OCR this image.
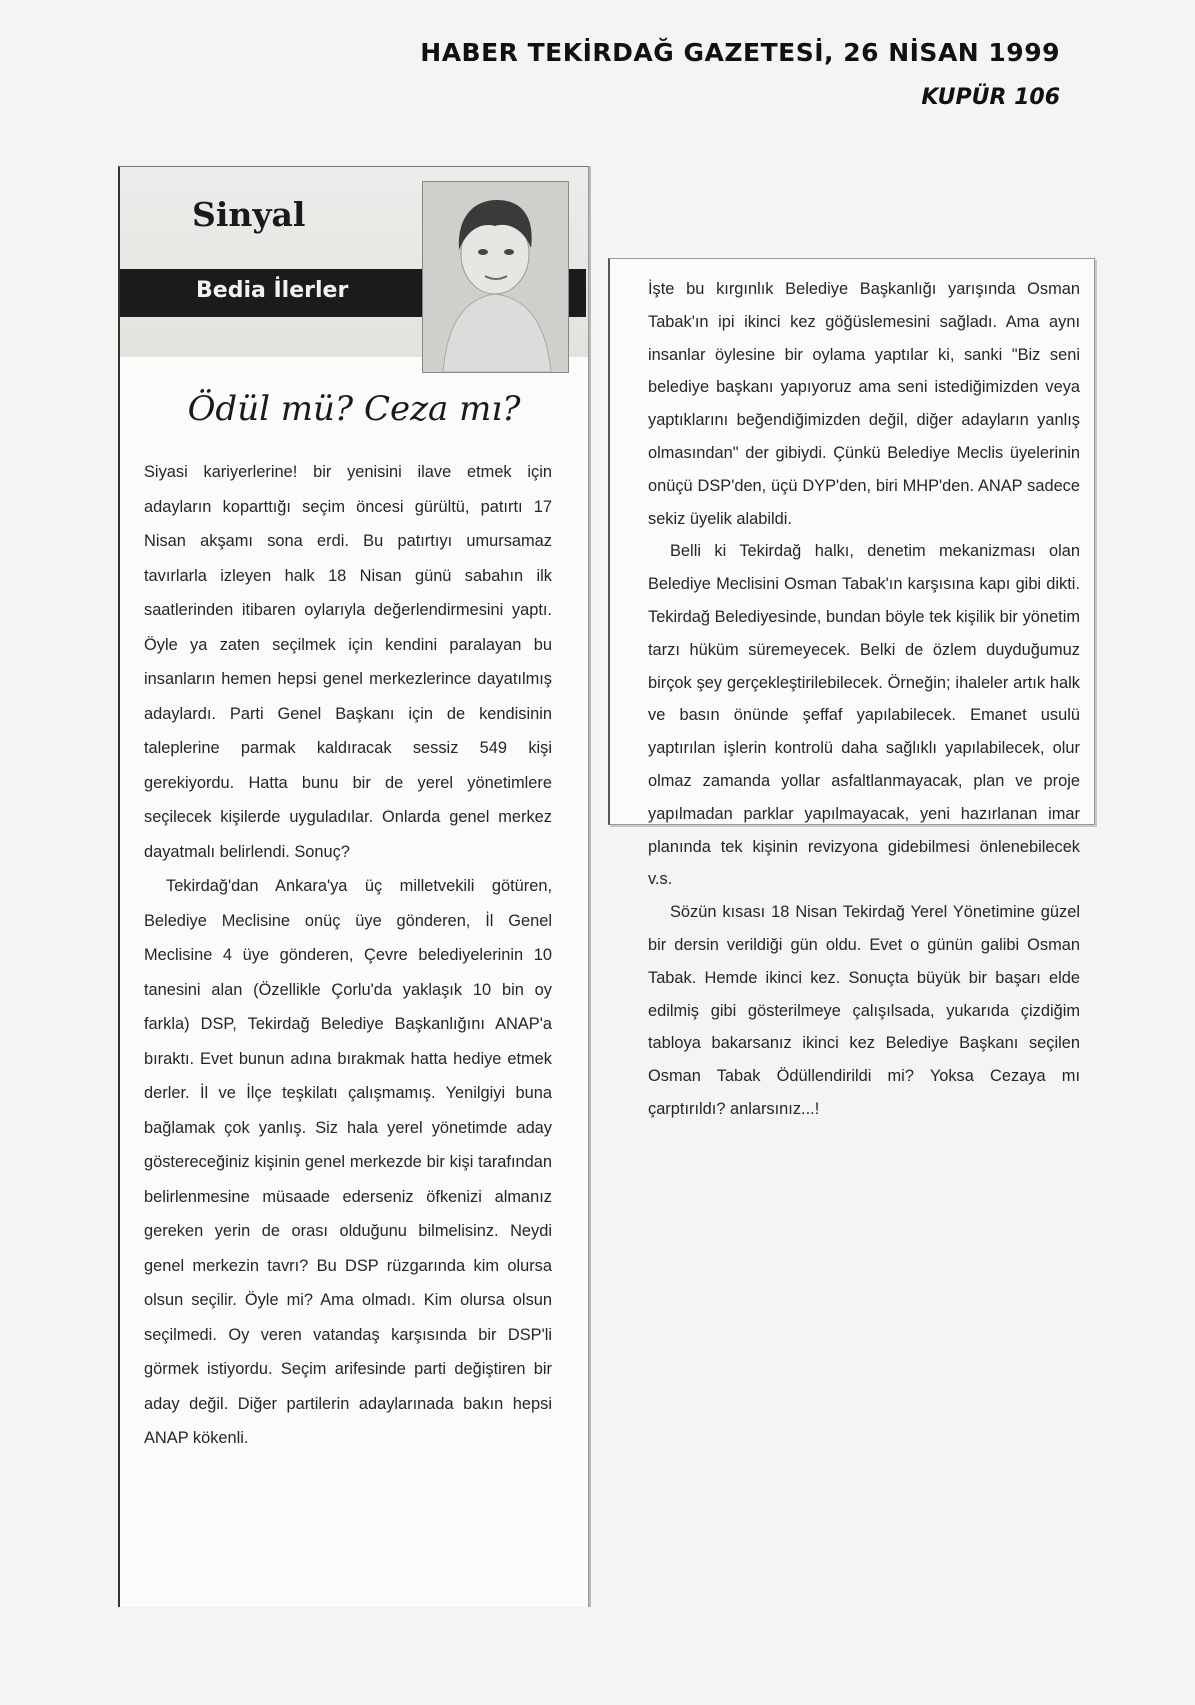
HABER TEKİRDAĞ GAZETESİ, 26 NİSAN 1999
KUPÜR 106
Sinyal
Bedia İlerler
Ödül mü? Ceza mı?

Siyasi kariyerlerine! bir yenisini ilave etmek için adayların koparttığı seçim öncesi gürültü, patırtı 17 Nisan akşamı sona erdi. Bu patırtıyı umursamaz tavırlarla izleyen halk 18 Nisan günü sabahın ilk saatlerinden itibaren oylarıyla değerlendirmesini yaptı. Öyle ya zaten seçilmek için kendini paralayan bu insanların hemen hepsi genel merkezlerince dayatılmış adaylardı. Parti Genel Başkanı için de kendisinin taleplerine parmak kaldıracak sessiz 549 kişi gerekiyordu. Hatta bunu bir de yerel yönetimlere seçilecek kişilerde uyguladılar. Onlarda genel merkez dayatmalı belirlendi. Sonuç?

Tekirdağ'dan Ankara'ya üç milletvekili götüren, Belediye Meclisine onüç üye gönderen, İl Genel Meclisine 4 üye gönderen, Çevre belediyelerinin 10 tanesini alan (Özellikle Çorlu'da yaklaşık 10 bin oy farkla) DSP, Tekirdağ Belediye Başkanlığını ANAP'a bıraktı. Evet bunun adına bırakmak hatta hediye etmek derler. İl ve İlçe teşkilatı çalışmamış. Yenilgiyi buna bağlamak çok yanlış. Siz hala yerel yönetimde aday göstereceğiniz kişinin genel merkezde bir kişi tarafından belirlenmesine müsaade ederseniz öfkenizi almanız gereken yerin de orası olduğunu bilmelisinz. Neydi genel merkezin tavrı? Bu DSP rüzgarında kim olursa olsun seçilir. Öyle mi? Ama olmadı. Kim olursa olsun seçilmedi. Oy veren vatandaş karşısında bir DSP'li görmek istiyordu. Seçim arifesinde parti değiştiren bir aday değil. Diğer partilerin adaylarınada bakın hepsi ANAP kökenli.

İşte bu kırgınlık Belediye Başkanlığı yarışında Osman Tabak'ın ipi ikinci kez göğüslemesini sağladı. Ama aynı insanlar öylesine bir oylama yaptılar ki, sanki "Biz seni belediye başkanı yapıyoruz ama seni istediğimizden veya yaptıklarını beğendiğimizden değil, diğer adayların yanlış olmasından" der gibiydi. Çünkü Belediye Meclis üyelerinin onüçü DSP'den, üçü DYP'den, biri MHP'den. ANAP sadece sekiz üyelik alabildi.

Belli ki Tekirdağ halkı, denetim mekanizması olan Belediye Meclisini Osman Tabak'ın karşısına kapı gibi dikti. Tekirdağ Belediyesinde, bundan böyle tek kişilik bir yönetim tarzı hüküm süremeyecek. Belki de özlem duyduğumuz birçok şey gerçekleştirilebilecek. Örneğin; ihaleler artık halk ve basın önünde şeffaf yapılabilecek. Emanet usulü yaptırılan işlerin kontrolü daha sağlıklı yapılabilecek, olur olmaz zamanda yollar asfaltlanmayacak, plan ve proje yapılmadan parklar yapılmayacak, yeni hazırlanan imar planında tek kişinin revizyona gidebilmesi önlenebilecek v.s.

Sözün kısası 18 Nisan Tekirdağ Yerel Yönetimine güzel bir dersin verildiği gün oldu. Evet o günün galibi Osman Tabak. Hemde ikinci kez. Sonuçta büyük bir başarı elde edilmiş gibi gösterilmeye çalışılsada, yukarıda çizdiğim tabloya bakarsanız ikinci kez Belediye Başkanı seçilen Osman Tabak Ödüllendirildi mi? Yoksa Cezaya mı çarptırıldı? anlarsınız...!
